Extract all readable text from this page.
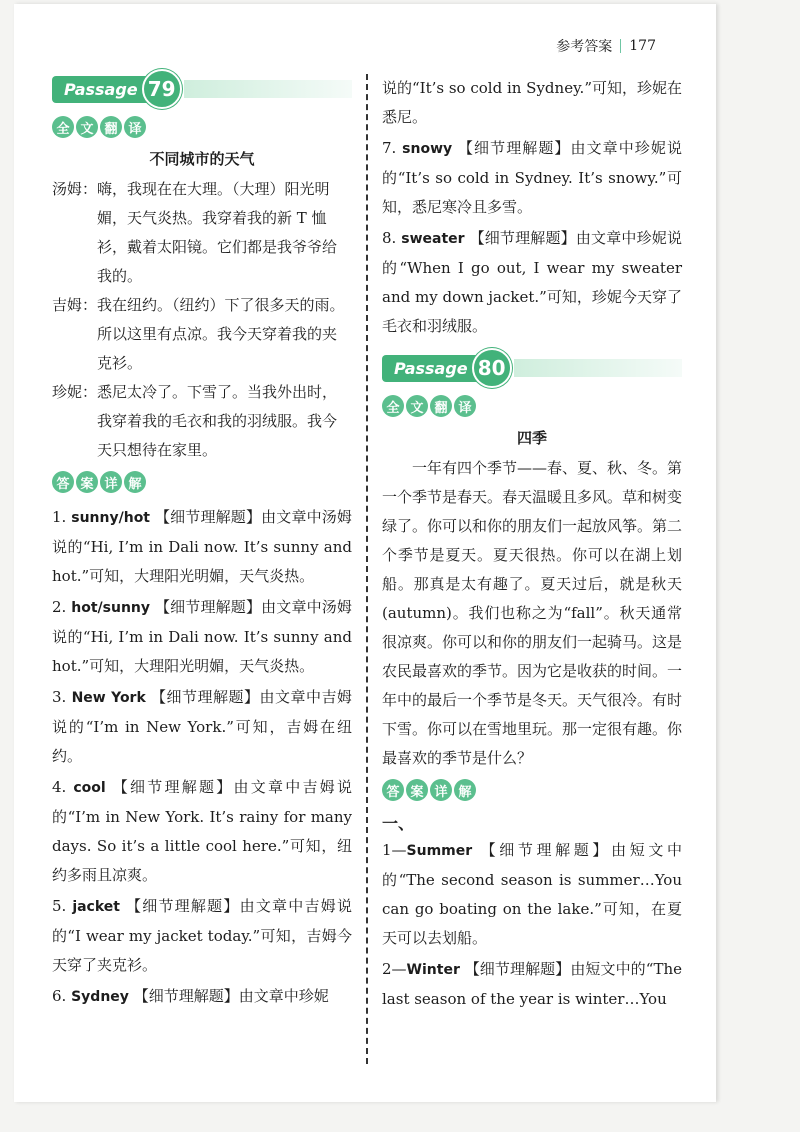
参考答案 177
Passage 79
全 文 翻 译
不同城市的天气
汤姆： 嗨，我现在在大理。（大理）阳光明媚，天气炎热。我穿着我的新 T 恤衫，戴着太阳镜。它们都是我爷爷给我的。
吉姆： 我在纽约。（纽约）下了很多天的雨。所以这里有点凉。我今天穿着我的夹克衫。
珍妮： 悉尼太冷了。下雪了。当我外出时，我穿着我的毛衣和我的羽绒服。我今天只想待在家里。
答 案 详 解
1. sunny/hot 【细节理解题】由文章中汤姆说的“Hi, I’m in Dali now. It’s sunny and hot.”可知，大理阳光明媚，天气炎热。
2. hot/sunny 【细节理解题】由文章中汤姆说的“Hi, I’m in Dali now. It’s sunny and hot.”可知，大理阳光明媚，天气炎热。
3. New York 【细节理解题】由文章中吉姆说的“I’m in New York.”可知，吉姆在纽约。
4. cool 【细节理解题】由文章中吉姆说的“I’m in New York. It’s rainy for many days. So it’s a little cool here.”可知，纽约多雨且凉爽。
5. jacket 【细节理解题】由文章中吉姆说的“I wear my jacket today.”可知，吉姆今天穿了夹克衫。
6. Sydney 【细节理解题】由文章中珍妮
说的“It’s so cold in Sydney.”可知，珍妮在悉尼。
7. snowy 【细节理解题】由文章中珍妮说的“It’s so cold in Sydney. It’s snowy.”可知，悉尼寒冷且多雪。
8. sweater 【细节理解题】由文章中珍妮说的“When I go out, I wear my sweater and my down jacket.”可知，珍妮今天穿了毛衣和羽绒服。
Passage 80
全 文 翻 译
四季
一年有四个季节——春、夏、秋、冬。第一个季节是春天。春天温暖且多风。草和树变绿了。你可以和你的朋友们一起放风筝。第二个季节是夏天。夏天很热。你可以在湖上划船。那真是太有趣了。夏天过后，就是秋天(autumn)。我们也称之为“fall”。秋天通常很凉爽。你可以和你的朋友们一起骑马。这是农民最喜欢的季节。因为它是收获的时间。一年中的最后一个季节是冬天。天气很冷。有时下雪。你可以在雪地里玩。那一定很有趣。你最喜欢的季节是什么？
答 案 详 解
一、
1—Summer 【细节理解题】由短文中的“The second season is summer…You can go boating on the lake.”可知，在夏天可以去划船。
2—Winter 【细节理解题】由短文中的“The last season of the year is winter…You
